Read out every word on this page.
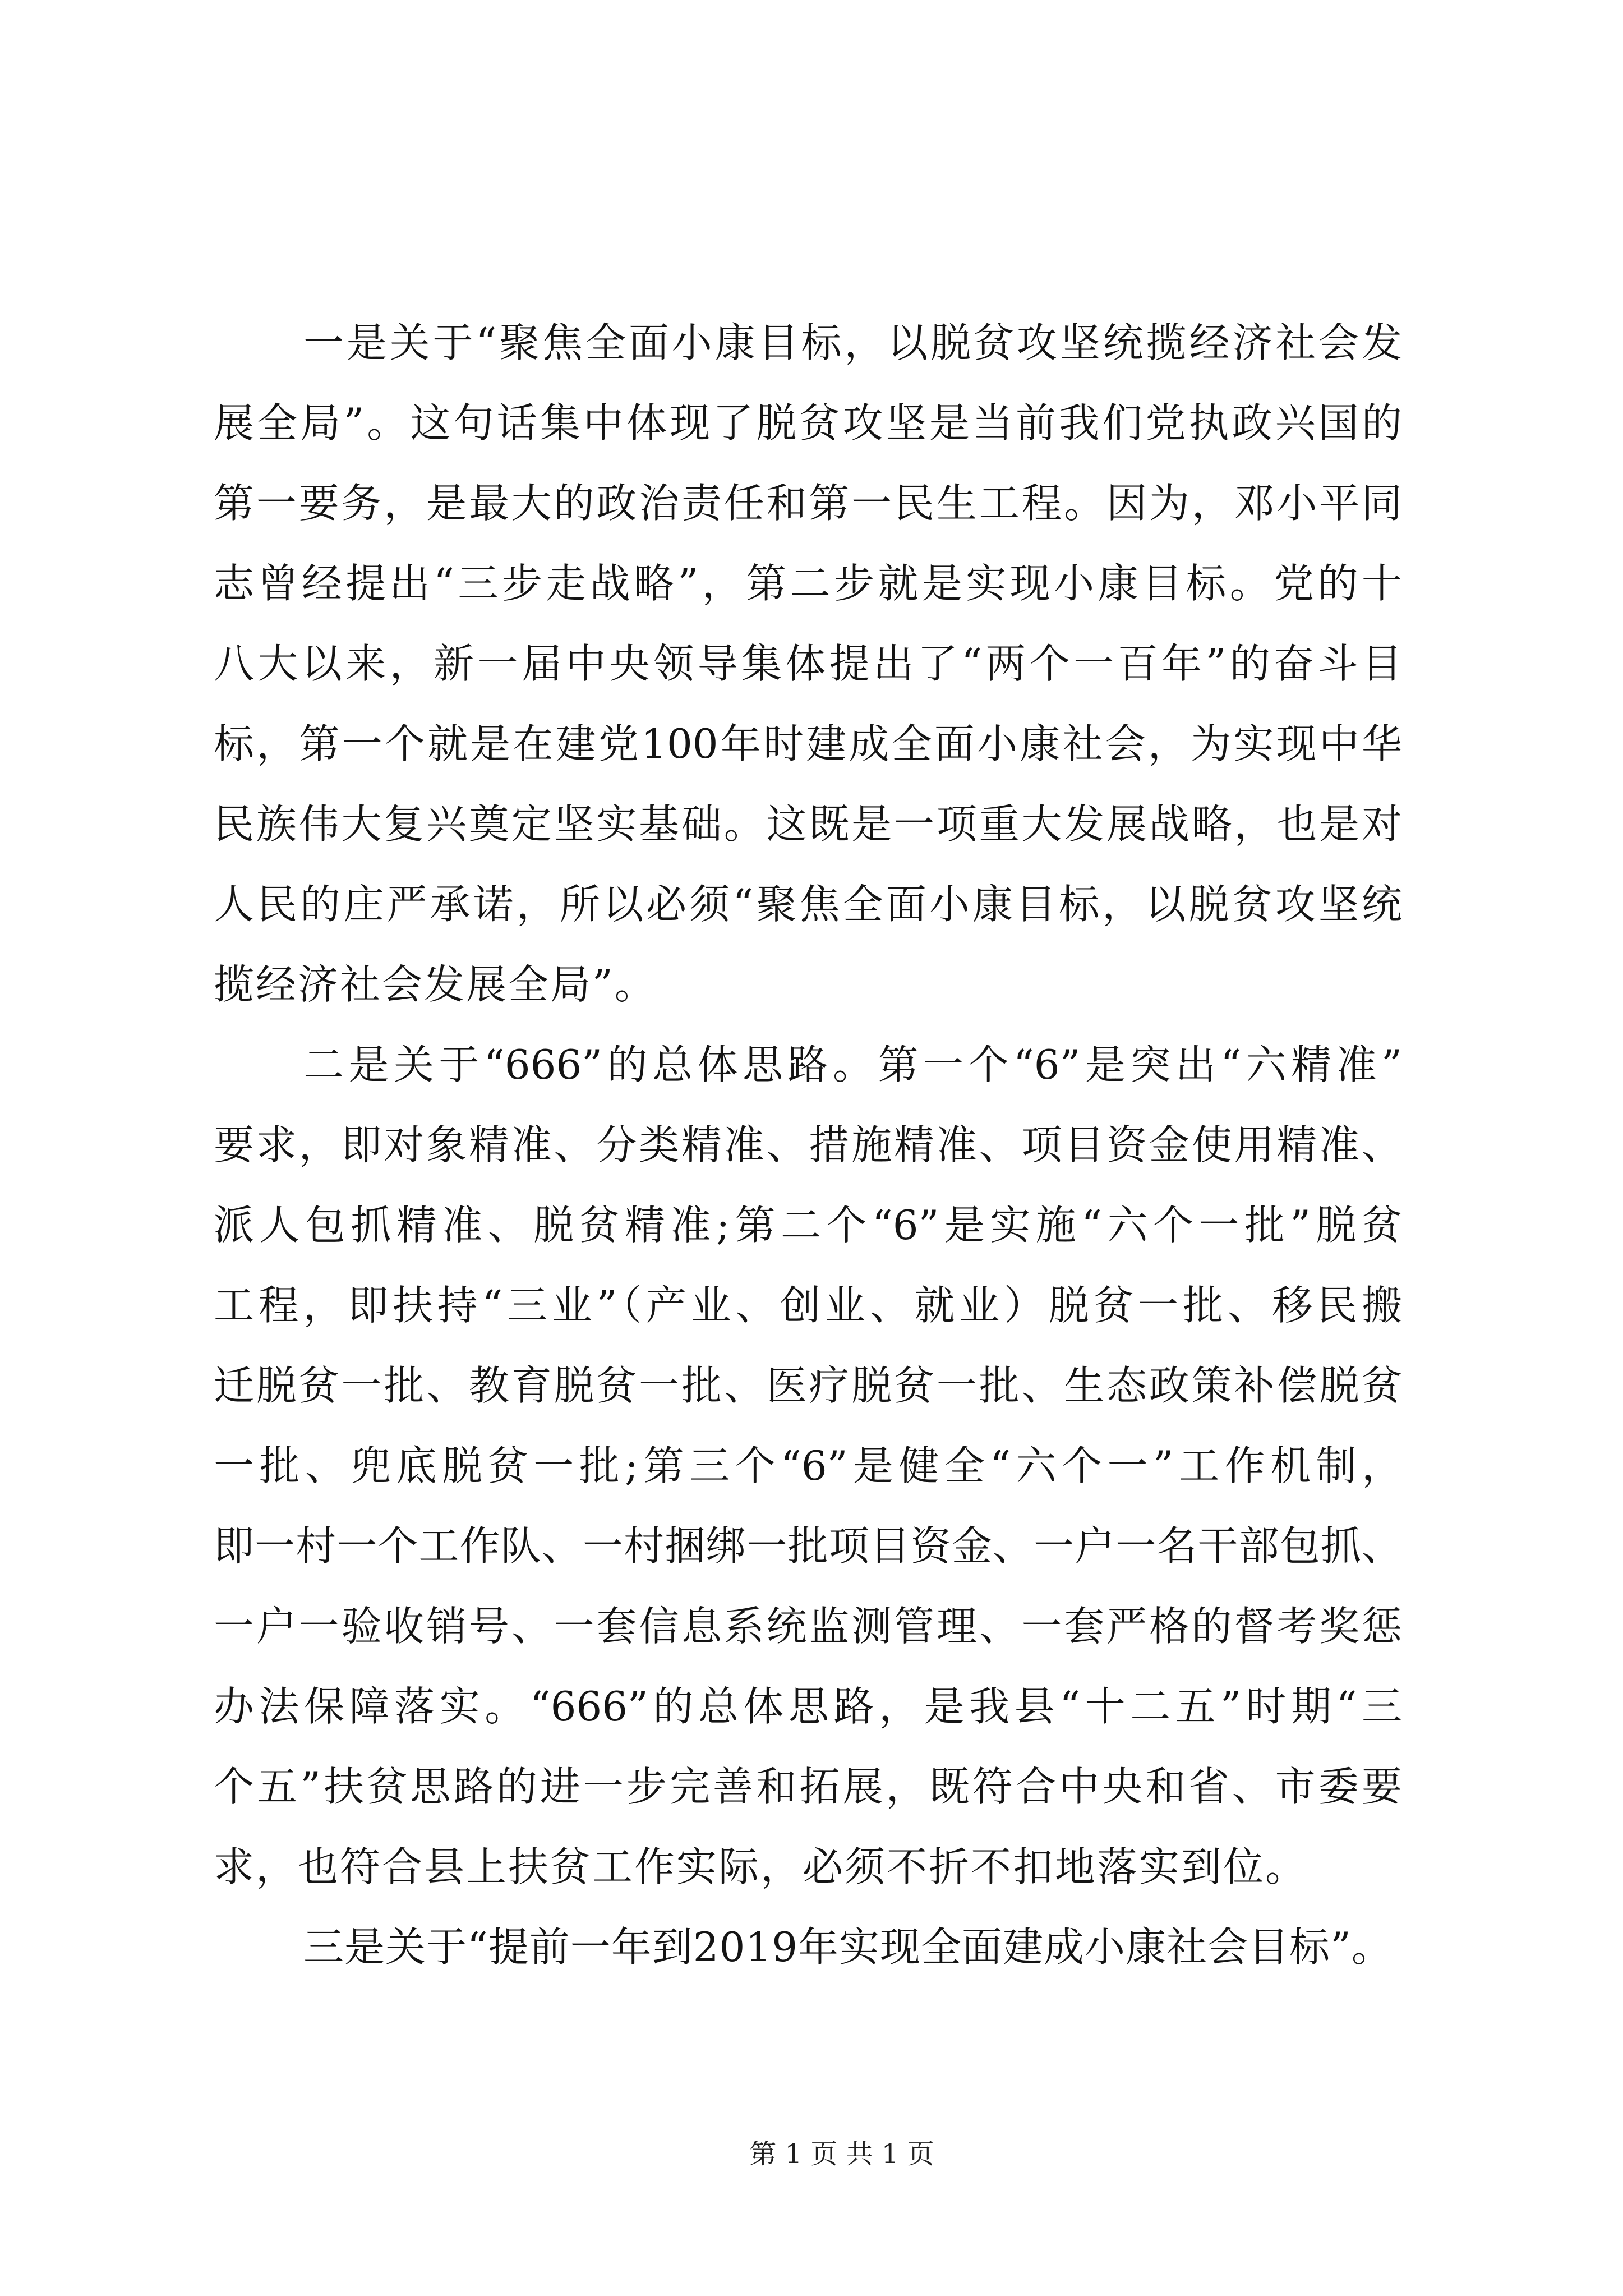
一是关于“聚焦全面小康目标，以脱贫攻坚统揽经济社会发
展全局”。这句话集中体现了脱贫攻坚是当前我们党执政兴国的
第一要务，是最大的政治责任和第一民生工程。因为，邓小平同
志曾经提出“三步走战略”，第二步就是实现小康目标。党的十
八大以来，新一届中央领导集体提出了“两个一百年”的奋斗目
标，第一个就是在建党100年时建成全面小康社会，为实现中华
民族伟大复兴奠定坚实基础。这既是一项重大发展战略，也是对
人民的庄严承诺，所以必须“聚焦全面小康目标，以脱贫攻坚统
揽经济社会发展全局”。
二是关于“666”的总体思路。第一个“6”是突出“六精准”
要求，即对象精准、分类精准、措施精准、项目资金使用精准、
派人包抓精准、脱贫精准;第二个“6”是实施“六个一批”脱贫
工程，即扶持“三业”（产业、创业、就业）脱贫一批、移民搬
迁脱贫一批、教育脱贫一批、医疗脱贫一批、生态政策补偿脱贫
一批、兜底脱贫一批;第三个“6”是健全“六个一”工作机制，
即一村一个工作队、一村捆绑一批项目资金、一户一名干部包抓、
一户一验收销号、一套信息系统监测管理、一套严格的督考奖惩
办法保障落实。“666”的总体思路，是我县“十二五”时期“三
个五”扶贫思路的进一步完善和拓展，既符合中央和省、市委要
求，也符合县上扶贫工作实际，必须不折不扣地落实到位。
三是关于“提前一年到2019年实现全面建成小康社会目标”。
第 1 页 共 1 页
